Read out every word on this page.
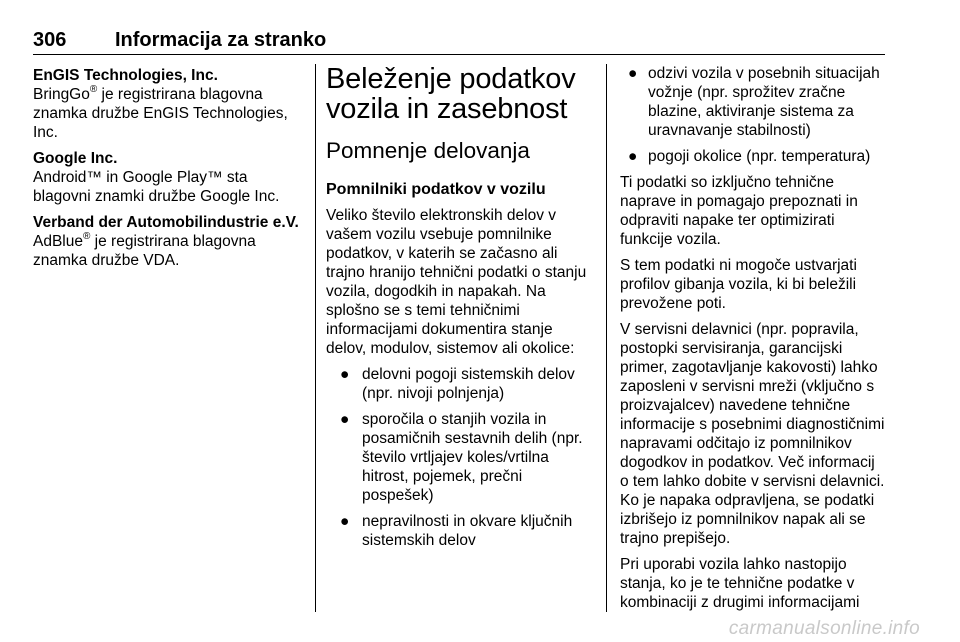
306 Informacija za stranko
EnGIS Technologies, Inc.
BringGo® je registrirana blagovna znamka družbe EnGIS Technologies, Inc.
Google Inc.
Android™ in Google Play™ sta blagovni znamki družbe Google Inc.
Verband der Automobilindustrie e.V.
AdBlue® je registrirana blagovna znamka družbe VDA.
Beleženje podatkov vozila in zasebnost
Pomnenje delovanja
Pomnilniki podatkov v vozilu

Veliko število elektronskih delov v vašem vozilu vsebuje pomnilnike podatkov, v katerih se začasno ali trajno hranijo tehnični podatki o stanju vozila, dogodkih in napakah. Na splošno se s temi tehničnimi informacijami dokumentira stanje delov, modulov, sistemov ali okolice:

● delovni pogoji sistemskih delov (npr. nivoji polnjenja)
● sporočila o stanjih vozila in posamičnih sestavnih delih (npr. število vrtljajev koles/vrtilna hitrost, pojemek, prečni pospešek)
● nepravilnosti in okvare ključnih sistemskih delov
● odzivi vozila v posebnih situacijah vožnje (npr. sprožitev zračne blazine, aktiviranje sistema za uravnavanje stabilnosti)
● pogoji okolice (npr. temperatura)

Ti podatki so izključno tehnične naprave in pomagajo prepoznati in odpraviti napake ter optimizirati funkcije vozila.

S tem podatki ni mogoče ustvarjati profilov gibanja vozila, ki bi beležili prevožene poti.

V servisni delavnici (npr. popravila, postopki servisiranja, garancijski primer, zagotavljanje kakovosti) lahko zaposleni v servisni mreži (vključno s proizvajalcev) navedene tehnične informacije s posebnimi diagnostičnimi napravami odčitajo iz pomnilnikov dogodkov in podatkov. Več informacij o tem lahko dobite v servisni delavnici. Ko je napaka odpravljena, se podatki izbrišejo iz pomnilnikov napak ali se trajno prepišejo.

Pri uporabi vozila lahko nastopijo stanja, ko je te tehnične podatke v kombinaciji z drugimi informacijami

carmanualsonline.info
